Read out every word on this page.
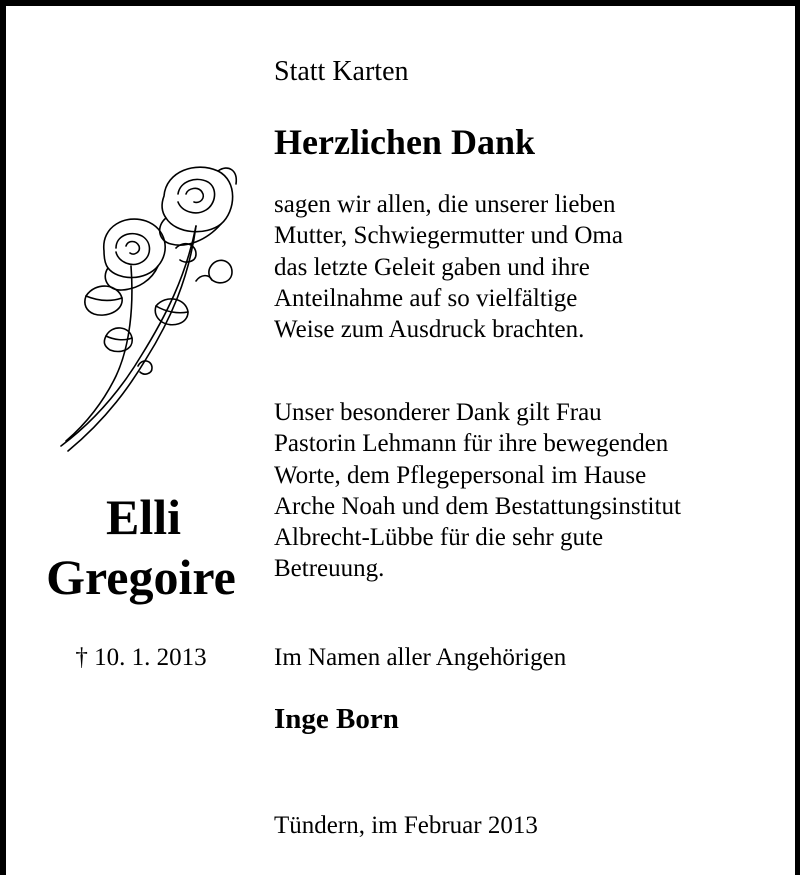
Statt Karten
Herzlichen Dank
sagen wir allen, die unserer lieben
Mutter, Schwiegermutter und Oma
das letzte Geleit gaben und ihre
Anteilnahme auf so vielfältige
Weise zum Ausdruck brachten.
Unser besonderer Dank gilt Frau
Pastorin Lehmann für ihre bewegenden
Worte, dem Pflegepersonal im Hause
Arche Noah und dem Bestattungsinstitut
Albrecht-Lübbe für die sehr gute
Betreuung.
Elli
Gregoire
† 10. 1. 2013	Im Namen aller Angehörigen
Inge Born
Tündern, im Februar 2013
